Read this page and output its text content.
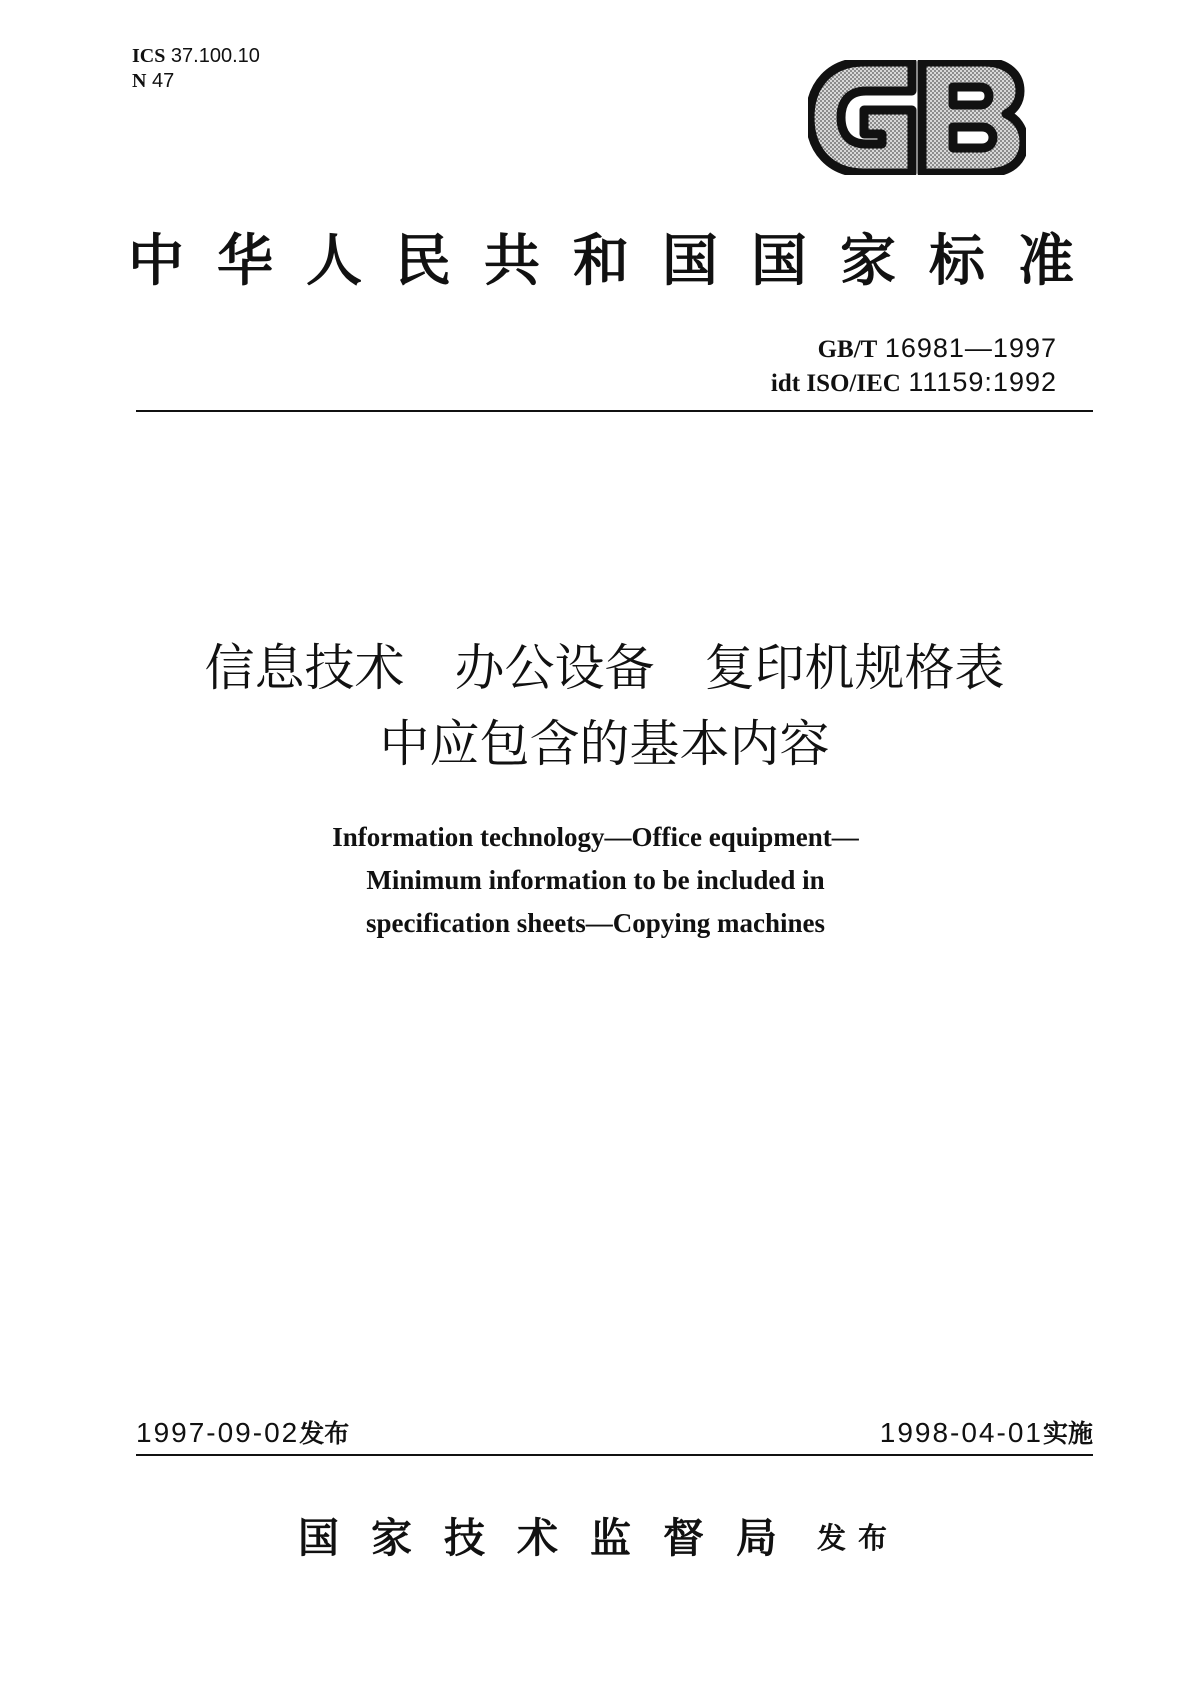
ICS 37.100.10
N 47
中华人民共和国国家标准
GB/T 16981—1997
idt ISO/IEC 11159:1992
信息技术 办公设备 复印机规格表
中应包含的基本内容
Information technology—Office equipment—
Minimum information to be included in
specification sheets—Copying machines
1997-09-02发布	1998-04-01实施
国家技术监督局 发布
